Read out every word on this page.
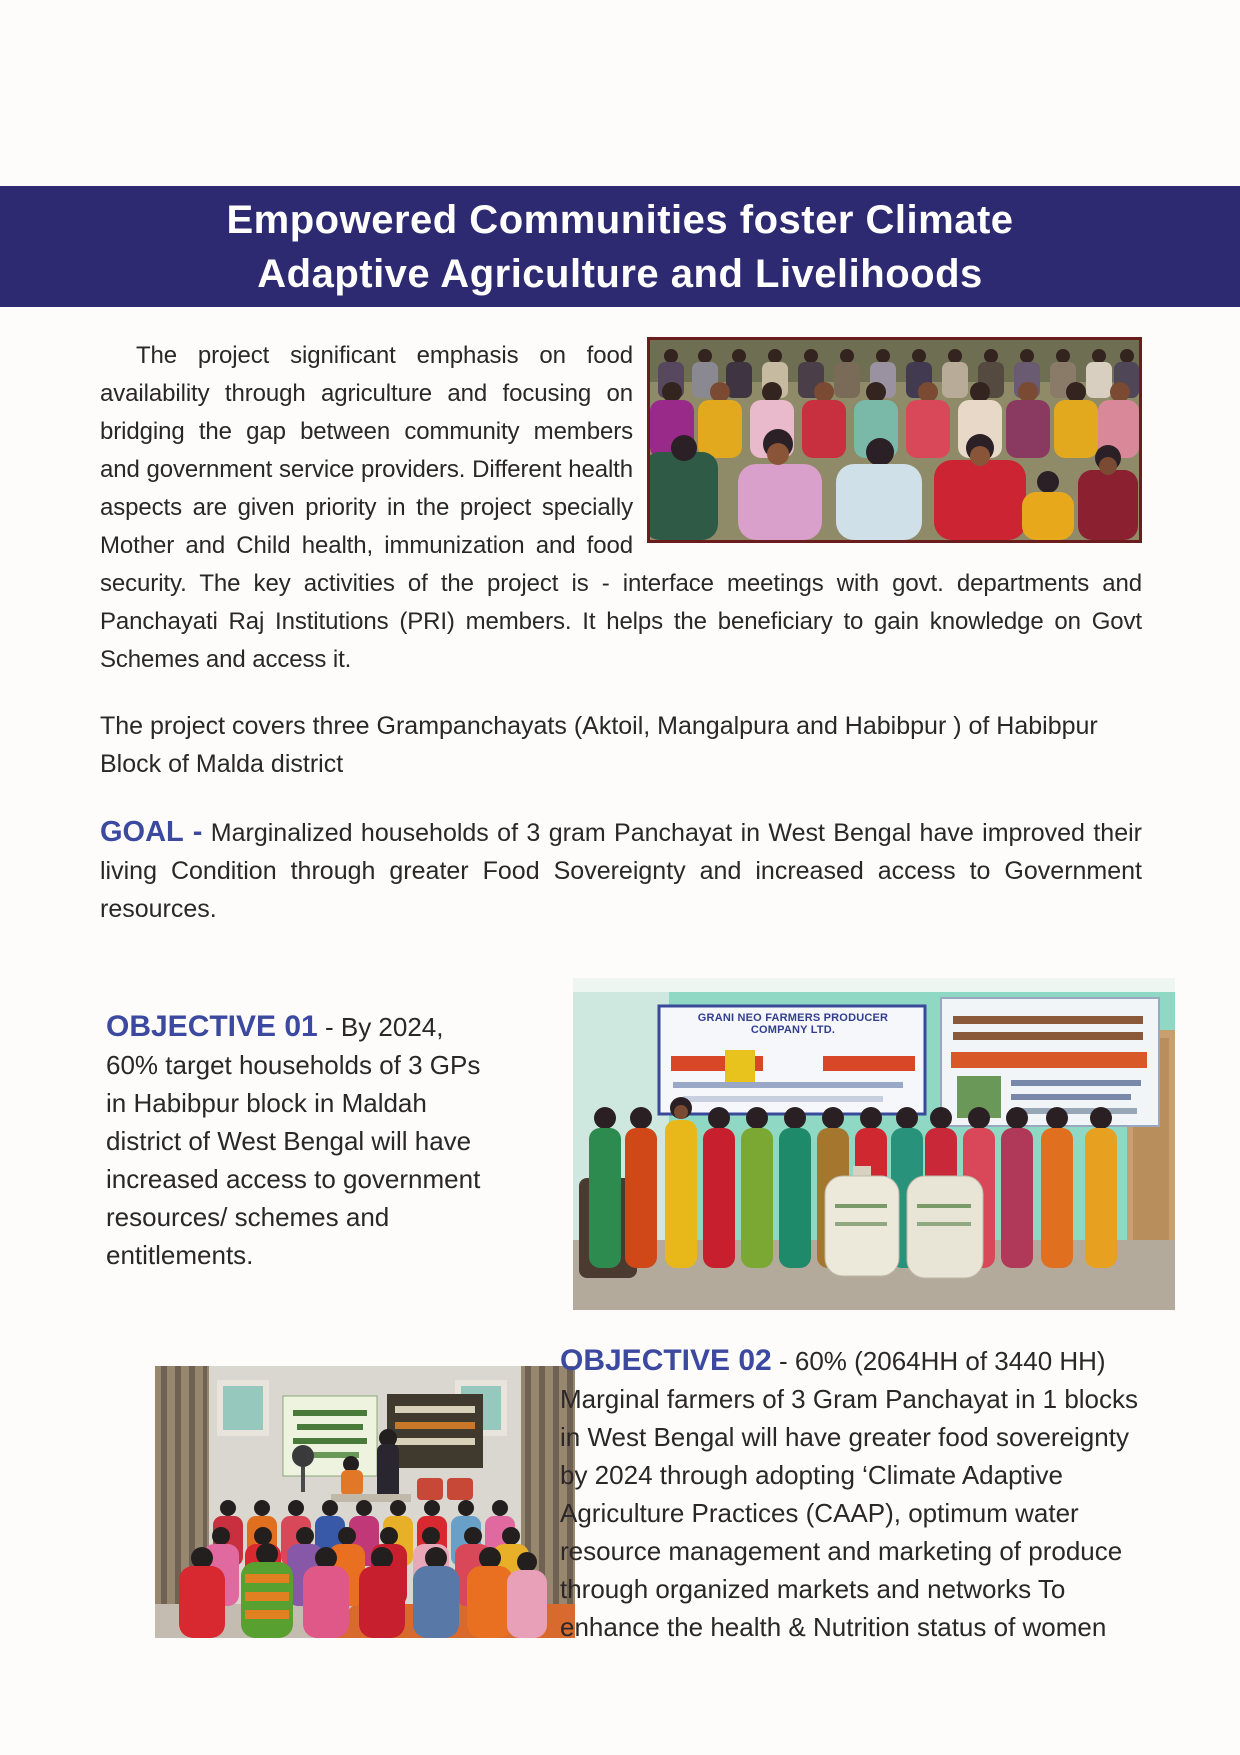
Empowered Communities foster Climate
Adaptive Agriculture and Livelihoods

The project significant emphasis on food availability through agriculture and focusing on bridging the gap between community members and government service providers. Different health aspects are given priority in the project specially Mother and Child health, immunization and food security. The key activities of the project is - interface meetings with govt. departments and Panchayati Raj Institutions (PRI) members. It helps the beneficiary to gain knowledge on Govt Schemes and access it.

The project covers three Grampanchayats (Aktoil, Mangalpura and Habibpur ) of Habibpur Block of Malda district

GOAL - Marginalized households of 3 gram Panchayat in West Bengal have improved their living Condition through greater Food Sovereignty and increased access to Government resources.

GRANI NEO FARMERS PRODUCER COMPANY LTD.

OBJECTIVE 01 - By 2024, 60% target households of 3 GPs in Habibpur block in Maldah district of West Bengal will have increased access to government resources/ schemes and entitlements.

OBJECTIVE 02 - 60% (2064HH of 3440 HH) Marginal farmers of 3 Gram Panchayat in 1 blocks in West Bengal will have greater food sovereignty by 2024 through adopting ‘Climate Adaptive Agriculture Practices (CAAP), optimum water resource management and marketing of produce through organized markets and networks To enhance the health & Nutrition status of women
